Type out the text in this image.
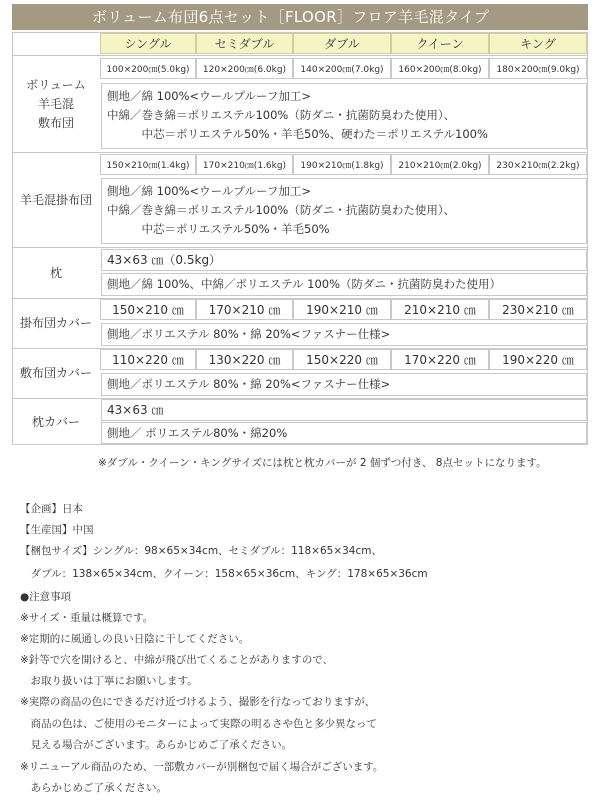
ボリューム布団6点セット［FLOOR］フロア羊毛混タイプ
シングル	セミダブル	ダブル	クイーン	キング
ボリューム
羊毛混
敷布団
100×200㎝(5.0kg)	120×200㎝(6.0kg)	140×200㎝(7.0kg)	160×200㎝(8.0kg)	180×200㎝(9.0kg)
側地／綿 100%<ウールプルーフ加工>
中綿／巻き綿＝ポリエステル100%（防ダニ・抗菌防臭わた使用）、
　　　中芯＝ポリエステル50%・羊毛50%、硬わた＝ポリエステル100%
羊毛混掛布団
150×210㎝(1.4kg)	170×210㎝(1.6kg)	190×210㎝(1.8kg)	210×210㎝(2.0kg)	230×210㎝(2.2kg)
側地／綿 100%<ウールプルーフ加工>
中綿／巻き綿＝ポリエステル100%（防ダニ・抗菌防臭わた使用）、
　　　中芯＝ポリエステル50%・羊毛50%
枕
43×63 ㎝（0.5kg）
側地／綿 100%、中綿／ポリエステル 100%（防ダニ・抗菌防臭わた使用）
掛布団カバー
150×210 ㎝	170×210 ㎝	190×210 ㎝	210×210 ㎝	230×210 ㎝
側地／ポリエステル 80%・綿 20%<ファスナー仕様>
敷布団カバー
110×220 ㎝	130×220 ㎝	150×220 ㎝	170×220 ㎝	190×220 ㎝
側地／ポリエステル 80%・綿 20%<ファスナー仕様>
枕カバー
43×63 ㎝
側地／ ポリエステル80%・綿20%
※ダブル・クイーン・キングサイズには枕と枕カバーが 2 個ずつ付き、 8点セットになります。
【企画】日本
【生産国】中国
【梱包サイズ】シングル：98×65×34cm、セミダブル：118×65×34cm、
　ダブル：138×65×34cm、クイーン：158×65×36cm、キング：178×65×36cm
●注意事項
※サイズ・重量は概算です。
※定期的に風通しの良い日陰に干してください。
※針等で穴を開けると、中綿が飛び出てくることがありますので、
　お取り扱いは丁寧にお願いします。
※実際の商品の色にできるだけ近づけるよう、撮影を行なっておりますが、
　商品の色は、ご使用のモニターによって実際の明るさや色と多少異なって
　見える場合がございます。あらかじめご了承ください。
※リニューアル商品のため、一部敷カバーが別梱包で届く場合がございます。
　あらかじめご了承ください。
